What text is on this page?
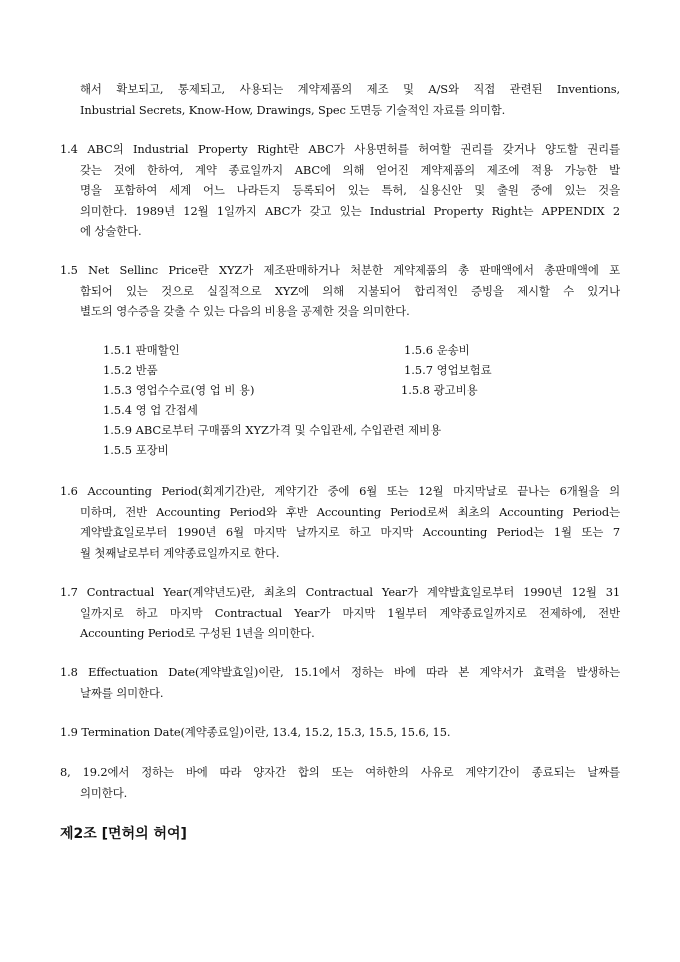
해서 확보되고, 통제되고, 사용되는 계약제품의 제조 및 A/S와 직접 관련된 Inventions,
Inbustrial Secrets, Know-How, Drawings, Spec 도면등 기술적인 자료를 의미함.
1.4 ABC의 Industrial Property Right란 ABC가 사용면허를 허여할 권리를 갖거나 양도할 권리를
갖는 것에 한하여, 계약 종료일까지 ABC에 의해 얻어진 계약제품의 제조에 적용 가능한 발
명을 포함하여 세계 어느 나라든지 등록되어 있는 특허, 실용신안 및 출원 중에 있는 것을
의미한다. 1989년 12월 1일까지 ABC가 갖고 있는 Industrial Property Right는 APPENDIX 2
에 상술한다.
1.5 Net Sellinc Price란 XYZ가 제조판매하거나 처분한 계약제품의 총 판매액에서 총판매액에 포
함되어 있는 것으로 실질적으로 XYZ에 의해 지불되어 합리적인 증빙을 제시할 수 있거나
별도의 영수증을 갖출 수 있는 다음의 비용을 공제한 것을 의미한다.
1.5.1 판매할인	1.5.6 운송비
1.5.2 반품	1.5.7 영업보험료
1.5.3 영업수수료(영 업 비 용)	1.5.8 광고비용
1.5.4 영 업 간접세
1.5.9 ABC로부터 구매품의 XYZ가격 및 수입관세, 수입관련 제비용
1.5.5 포장비
1.6 Accounting Period(회계기간)란, 계약기간 중에 6월 또는 12월 마지막날로 끝나는 6개월을 의
미하며, 전반 Accounting Period와 후반 Accounting Period로써 최초의 Accounting Period는
계약발효일로부터 1990년 6월 마지막 날까지로 하고 마지막 Accounting Period는 1월 또는 7
월 첫째날로부터 계약종료일까지로 한다.
1.7 Contractual Year(계약년도)란, 최초의 Contractual Year가 계약발효일로부터 1990년 12월 31
일까지로 하고 마지막 Contractual Year가 마지막 1월부터 계약종료일까지로 전제하에, 전반
Accounting Period로 구성된 1년을 의미한다.
1.8 Effectuation Date(계약발효일)이란, 15.1에서 정하는 바에 따라 본 계약서가 효력을 발생하는
날짜를 의미한다.
1.9 Termination Date(계약종료일)이란, 13.4, 15.2, 15.3, 15.5, 15.6, 15.
8, 19.2에서 정하는 바에 따라 양자간 합의 또는 여하한의 사유로 계약기간이 종료되는 날짜를
의미한다.
제2조 [면허의 허여]
